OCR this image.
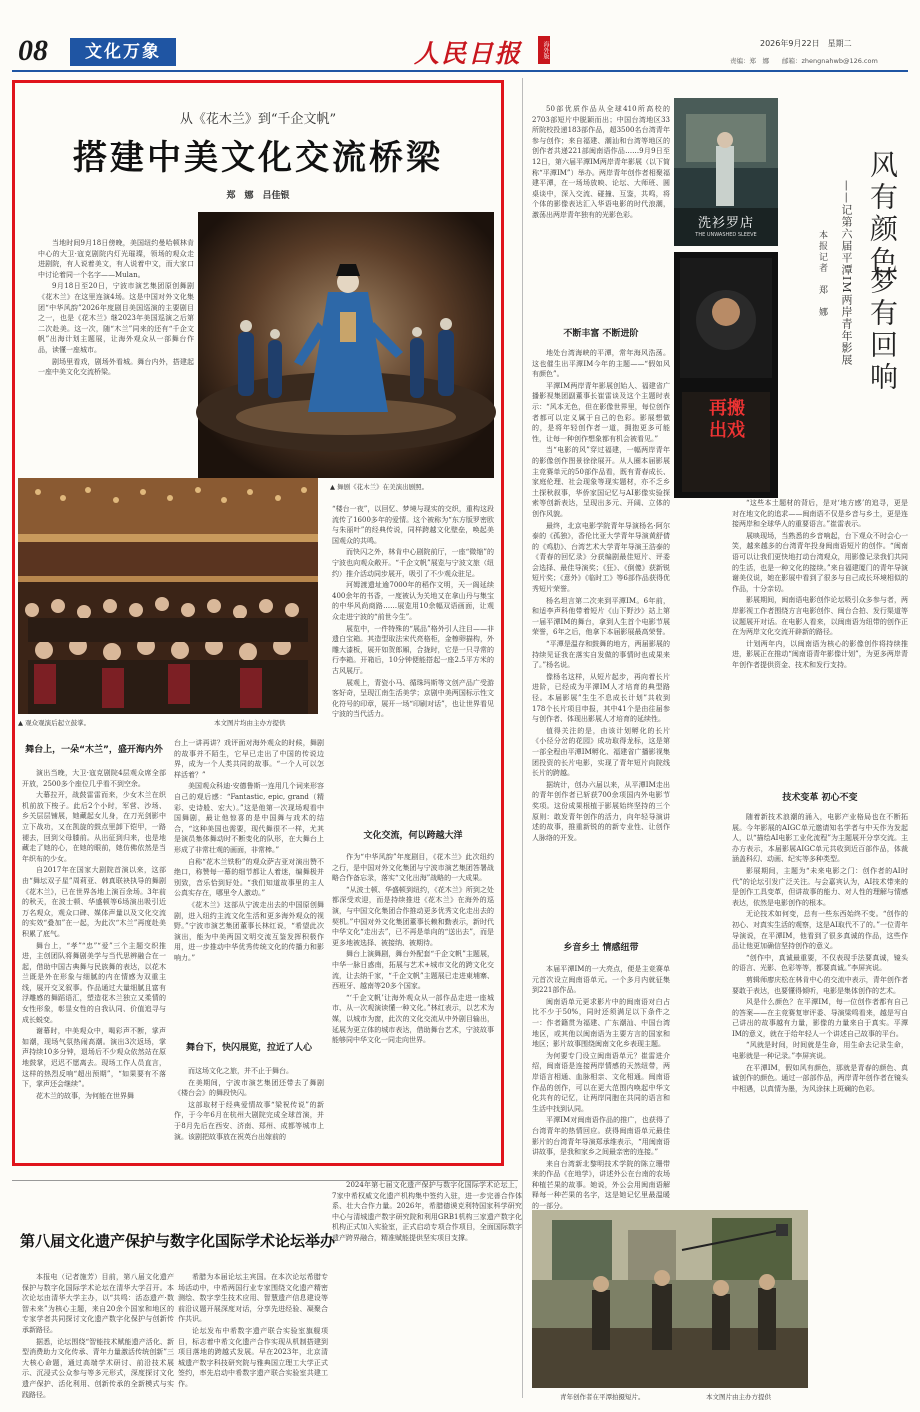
08	文化万象	人民日报	海外版	2026年9月22日　星期二
责编：郑　娜　　邮箱：zhengnahwb@126.com
从《花木兰》到“千企文帆”
搭建中美文化交流桥梁
郑　娜　吕佳银

当地时间9月18日傍晚，美国纽约曼哈顿林肯中心的大卫·寇克剧院内灯光璀璨，领场的观众走进剧院，有人说着美文，有人说着中文，而大家口中讨论着同一个名字——Mulan。

9月18日至20日，宁波市演艺集团原创舞剧《花木兰》在这里连演4场。这是中国对外文化集团“中华风韵”2026年度剧目美国巡演的主要剧目之一，也是《花木兰》继2023年美国巡演之后第二次赴美。这一次，随“木兰”同来的还有“千企文帆”出海计划主题展，让海外观众从一部舞台作品，读懂一座城市。

剧场里看戏，剧场外看城。舞台内外，搭建起一座中美文化交流桥梁。

▲ 舞剧《花木兰》在美演出剧照。
▲ 观众观演后起立鼓掌。	本文图片均由主办方提供
舞台上，一朵“木兰”，盛开海内外

演出当晚，大卫·寇克剧院4层观众席全部开放，2500多个座位几乎看不到空余。

大幕拉开，战鼓雷雷而来，少女木兰在织机前放下梭子。此后2个小时，军营、沙场、乡关层层铺展，她藏起女儿身，在刀光剑影中立下战功，又在凯旋的鼓点里卸下铠甲，一路褪去，回到父母膝前。从出征到归来，也是地藏走了她的心，在她的眼前，她仿佛依然是当年织布的少女。

自2017年在国家大剧院首演以来，这部由“舞坛双子星”周莉亚、韩真联袂执导的舞剧《花木兰》，已在世界各地上演百余场。3年前的秋天，在波士顿、华盛顿等6场演出吸引近万名观众，观众口碑、媒体声量以及文化交流的实效“叠加”在一起，为此次“木兰”再度赴美积累了底气。

舞台上，“孝”“忠”“爱”三个主题交织推进，主创团队将舞剧美学与当代思辨融合在一起，借助中国古典舞与民族舞的表达，以花木兰既是外在形象与细腻的内在情感为双重主线，展开交叉叙事。作品通过大量细腻且富有浮雕感的舞蹈语汇，塑造花木兰独立又柔情的女性形象，彰显女性的自我认同、价值追寻与成长蜕变。

谢幕时，中美观众中，喝彩声不断，掌声如潮，现场气氛热闹高潮。演出3次返场，掌声持续10多分钟，退场后不少观众依然站在原地鼓掌，迟迟不愿离去。现场工作人员直言，这样的热烈反响“超出预期”，“如果要有不落下，掌声还会继续”。

花木兰的故事，为何能在世界舞

台上一讲再讲？戏评面对海外观众的时候，舞剧的故事并不陌生，它早已走出了中国的传说边界，成为一个人类共同的故事。“一个人可以怎样活着？”

美国观众科迪·安德鲁斯一连用几个词来形容自己的观后感：“Fantastic, epic, grand（精彩、史诗般、宏大）。”这是他第一次现场观看中国舞剧，最让他惊喜的是中国舞与戏术的结合，“这种美国也需要，现代舞很不一样，尤其是演员集体舞动时不断变化的队形，在大舞台上形成了非常壮观的画面，非常棒。”

自称“花木兰铁粉”的观众萨吉亚对演出赞不绝口，称赞每一幕的细节都让人着迷，编舞极并别致，音乐恰到好处。“我们知道故事里的主人公真实存在，哪里令人激动。”

《花木兰》这部从宁波走出去的中国原创舞剧，进入纽约主流文化生活和更多海外观众的视野。”宁波市演艺集团董事长林红说，“希望此次演出，能为中美两国文明交流互鉴发挥积极作用，进一步推动中华优秀传统文化的传播力和影响力。”

舞台下，快闪展览，拉近了人心

而这场文化之旅，并不止于舞台。

在美期间，宁波市演艺集团还带去了舞剧《楼台会》的舞段快闪。

这部取材于经典爱情故事“梁祝传说”的新作，于今年6月在杭州大剧院完成全球首演，并于8月先后在西安、济南、郑州、成都等城市上演。该剧把故事放在祝英台出嫁前的

“楼台一夜”，以回忆、梦境与现实的交织，重构这段流传了1600多年的爱情。这个被称为“东方版罗密欧与朱丽叶”的经典传说，同样跨越文化壁垒，唤起美国观众的共鸣。

而快闪之外，林肯中心剧院前厅，一座“微缩”的宁波也向观众敞开。“千企文帆”展览与宁波文旅（纽约）推介活动同步展开，吸引了不少观众驻足。

河姆渡遗址逾7000年的稻作文明，天一阁延续400余年的书香，一度被认为关地又在拿山丹与集宝的中华风尚商路……展览用10余幅双语画面，让观众走进宁波的“前世今生”。

展览中，一件特殊的“展品”格外引人注目——非遗白宝箱。其造型取法宋代亮格柜，金檫卵描构，外雕大漆板，展开如贺郎厢，合拢时，它是一只寻常的行李箱。开箱后，10分钟便能搭起一座2.5平方米的古风展厅。

展观上，青瓷小马、循珠玛斯等文创产品广受游客好奇，呈现江南生活美学；京剧中美两国标示性文化符号的印章，展开一场“印刷对话”，也让世界看见宁波的当代活力。

文化交流，何以跨越大洋

作为“中华风韵”年度剧目，《花木兰》此次纽约之行，是中国对外文化集团与宁波市演艺集团答署战略合作备忘录，落实“文化出海”战略的一大成果。

“从波士顿、华盛顿到纽约，《花木兰》所到之处都深受欢迎，而是持续推进《花木兰》在海外的巡演，与中国文化集团合作推动更多优秀文化走出去的契机。”中国对外文化集团董事长赖和勤表示，新时代中华文化“走出去”，已不再是单向的“送出去”，而是更多地被选择、被接纳、被期待。

舞台上演舞剧，舞台外配套“千企文帆”主题展，中华一脉日惑南，拓展与艺术+城市文化的跨文化交流，让去纳千家，“千企文帆”主题展已走进東埔寨、西班牙、越南等20多个国家。

“‘千企文帆’让海外观众从一部作品走进一座城市、从一次观演读懂一种文化。”林红表示，以艺术为媒，以城市为窗，此次的文化交流从中外剧目输出，延展为更立体的城市表达，借助舞台艺术，宁波故事能够同中华文化一同走向世界。

50部优质作品从全球410所高校的2703部短片中脱颖而出；中国台湾地区33所院校投递183部作品，超3500名台湾青年参与创作；来自福建、潮汕和台湾等地区的创作者共递221部闽南语作品……9月9日至12日，第六届平潭IM两岸青年影展（以下简称“平潭IM”）举办。两岸青年创作者相聚福建平潭，在一场场放映、论坛、大师班、圆桌谈中，深入交流、碰撞、互鉴，共鸣，将个体的影像表达汇入华语电影的时代浪潮，激荡出两岸青年独有的光影色彩。

洗衫罗店
THE UNWASHED SLEEVE
再搬出戏
风有颜色
梦有回响
——记第六届平潭IM两岸青年影展
本报记者　郑　娜
不断丰富 不断进阶

地处台湾海峡的平潭，常年海风浩荡。这也催生出平潭IM今年的主题——“假如风有颜色”。

平潭IM两岸青年影展创始人、福建省广播影视集团副董事长崔雷谈及这个主题时表示：“风本无色，但在影像世界里，每位创作者都可以定义属于自己的色彩。影展想做的，是将年轻创作者一道，拥抱更多可能性，让每一种创作想象都有机会被看见。”

当“电影的风”穿过福建，一幅两岸青年的影像创作图景徐徐展开。从人圈本届影展主竞赛单元的50部作品看，既有青春成长、家庭伦理、社会现象等现实题材，亦不乏乡土探秋叙事，华侨家国记忆与AI影像实验探索等创新表达，呈现出多元、开阔、立体的创作风貌。

最终，北京电影学院青年导演杨名·阿尔泰的《孤独》，香伦比亚大学青年导演黄舒倩的《鸡肋》、台湾艺术大学青年导演王浩泰的《青春的回忆录》分获编剧最佳短片、评委会选择、最佳导演奖；《狂》、《倒傻》获新锐短片奖；《意外》《临时工》等6部作品获得优秀短片荣誉。

杨名坦言第二次来到平潭IM。6年前，和适李声科他带着短片《山下野沙》站上第一届平潭IM的舞台，拿到人生首个电影节展荣誉，6年之后，他拿下本届影展最高荣誉。

“平潭是温存和鼓舞的地方，两届影展的持续见证我在落实自发做的事情时也成果来了。”杨名说。

像杨名这样，从短片起步，再向着长片进阶，已经成为平潭IM人才培育的典型路径。本届影展”生生不息成长计划”共收到178个长片项目申报，其中41个是由往届参与创作者、体现出影展人才培育的延续性。

值得关注的是，由该计划孵化的长片《小径分岔的花园》成功取得龙标，这是第一部全程由平潭IM孵化、福建省广播影视集团投资的长片电影，实现了青年短片向院线长片的跨越。

据统计，创办六届以来，从平潭IM走出的青年创作者已斩获700余项国内外电影节奖项。这份成果根植于影展始终坚持的三个原则：敢发青年创作的活力，向年轻导演讲述的故事，推重新锐的的新专业性、让创作人脉络的开发。

乡音乡土 情感纽带

本届平潭IM的一大亮点，便是主竞赛单元首次设立闽南语单元。一个多月内就征集到221部作品。

闽南语单元更求影片中的闽南语对白占比不少于50%，同时还须满足以下条件之一：作者籍贯为福建、广东潮汕、中国台湾地区，或其他以闽南语为主要方言的国家和地区；影片故事围绕闽南文化乡表现主题。

为何要专门设立闽南语单元？崔雷进介绍，闽南语是连接两岸情感的天然纽带，两岸语言相通、血脉相亲、文化相通。闽南语作品的创作，可以在更大范围内唤起中华文化共有的记忆，让两岸同胞在共同的语言和生活中找到认同。

平潭IM对闽南语作品的推广，也获得了台湾青年的热情回应。获得闽南语单元最佳影片的台湾青年导演郑承维表示，“用闽南语讲故事，是我和家乡之间最亲密的连接。”

来自台湾新北黎明技术学院的陈立珊带来的作品《在地学》，讲述外公在台南的农场种植芒果的故事。她说，外公会用闽南语解释每一种芒果的名字，这是她记忆里最温暖的一部分。

“这些本土题材的背后，是对‘地方感’的追寻，更是对在地文化的追求——闽南语不仅是乡音与乡土，更是连接两岸和全球华人的重要语言。”崔雷表示。

展映现场，当熟悉的乡音响起，台下观众不时会心一笑，越来越多的台湾青年投身闽南语短片的创作。“闽南语可以让我们更快地打动台湾观众，用影像记录我们共同的生活，也是一种文化的接续。”来自福建厦门的青年导演谢美仪说，她在影展中看到了很多与自己成长环境相似的作品，十分亲切。

影展期间，闽南语电影创作论坛吸引众多参与者，两岸影视工作者围绕方言电影创作、闽台合拍、发行渠道等议题展开对话。在电影人看来，以闽南语为纽带的创作正在为两岸文化交流开辟新的路径。

计划两年内，以闽南语为核心的影像创作将持续推进，影展正在推动“闽南语青年影像计划”，为更多两岸青年创作者提供资金、技术和发行支持。

技术变革 初心不变

随着新技术浪潮的涌入，电影产业格局也在不断拓展。今年影展的AIGC单元邀请知名学者与中天作为发起人，以“描绘AI电影工业化流程”为主题展开分享交流。主办方表示，本届影展AIGC单元共收到近百部作品，体裁涵盖科幻、动画、纪实等多种类型。

影展期间，主题为“未来电影之门：创作者的AI时代”的论坛引发广泛关注。与会嘉宾认为，AI技术带来的是创作工具变革，但讲故事的能力、对人性的理解与情感表达，依然是电影创作的根本。

无论技术如何变，总有一些东西始终不变。“创作的初心、对真实生活的观察，这是AI取代不了的。”一位青年导演说，在平潭IM，他看到了很多真诚的作品，这些作品让他更加确信坚持创作的意义。

“创作中，真诚最重要，不仅表现手法要真诚，镜头的语言、光影、色彩等等，都要真诚。”李屏宾说。

剪辑师廖庆松在林肯中心的交流中表示，青年创作者要敢于表达，也要懂得倾听，电影是集体创作的艺术。

风是什么颜色？在平潭IM，每一位创作者都有自己的答案——在主竞赛复审评委、导演梁鸣看来，越是写自己讲出的故事越有力量，影像的力量来自于真实。平潭IM的意义，就在于给年轻人一个讲述自己故事的平台。

“风就是时间，时间就是生命，用生命去记录生命，电影就是一种记录。”李屏宾说。

在平潭IM，假如风有颜色，那就是青春的颜色、真诚创作的颜色。通过一部部作品，两岸青年创作者在镜头中相遇，以真情为墨，为风涂抹上斑斓的色彩。

青年创作者在平潭拍摄短片。	本文图片由主办方提供
第八届文化遗产保护与数字化国际学术论坛举办

本报电（记者施芳）目前，第八届文化遗产保护与数字化国际学术论坛在清华大学召开。本次论坛由清华大学主办，以“共鸣：活态遗产·数智未来”为核心主题，来自20余个国家和地区的专家学者共同探讨文化遗产数字化保护与创新传承新路径。

据悉，论坛围绕“智能技术赋能遗产活化、新型消费助力文化传承、青年力量激活传统创新”三大核心命题，通过高端学术研讨、前沿技术展示、沉浸式公众参与等多元形式，深度探讨文化遗产保护、活化利用、创新传承的全新模式与实践路径。

希腊为本届论坛主宾国。在本次论坛希腊专场活动中，中希两国行业专家围绕文化遗产精密测绘、数字孪生技术应用、智慧遗产信息建设等前沿议题开展深度对话，分享先进经验、凝聚合作共识。

论坛发布中希数字遗产联合实验室旗舰项目，标志着中希文化遗产合作实现从机制搭建到项目落地的跨越式发展。早在2023年，北京清城遗产数字科技研究院与雅典国立理工大学正式签约，率先启动中希数字遗产联合实验室共建工作。

2024年第七届文化遗产保护与数字化国际学术论坛上，7家中希权威文化遗产机构集中签约入驻，进一步完善合作体系、壮大合作力量。2026年，希腊德谟克利特国家科学研究中心与清城遗产数字研究院和利用GRB1机构三家遗产数字化机构正式加入实验室，正式启动专项合作项目，全面国际数字遗产跨界融合，精准赋能提供坚实项目支撑。
